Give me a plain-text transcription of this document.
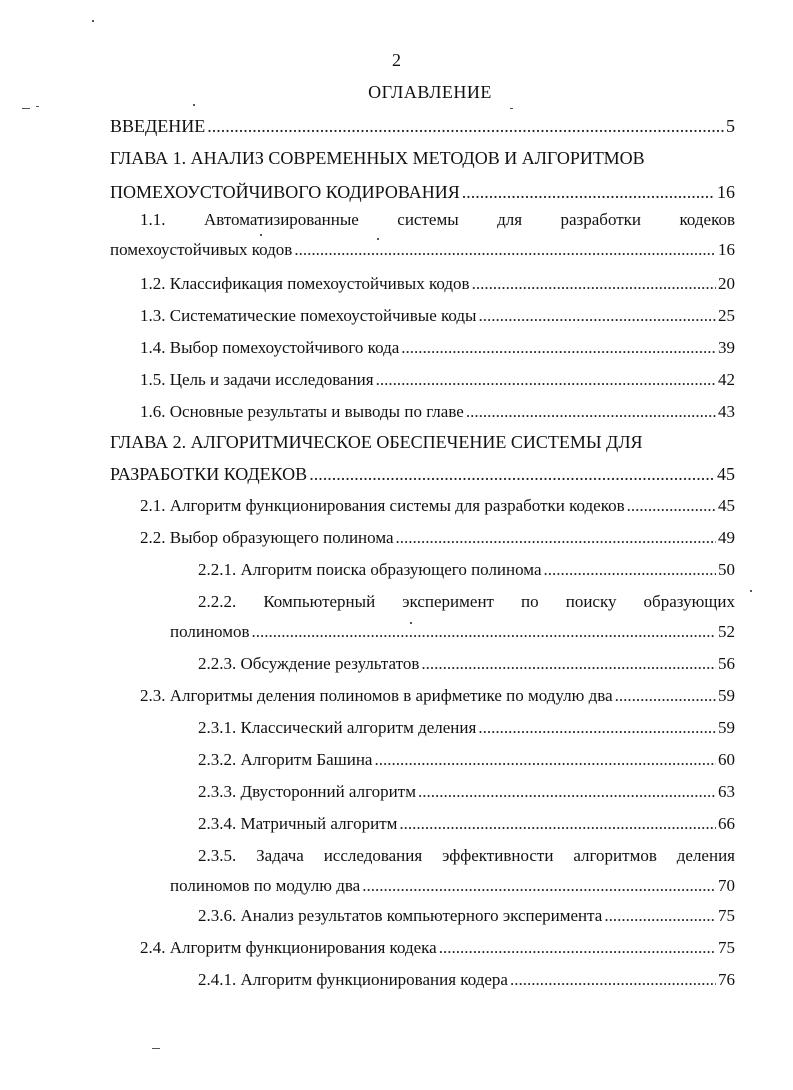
2
ОГЛАВЛЕНИЕ
ВВЕДЕНИЕ .....	5
ГЛАВА 1. АНАЛИЗ СОВРЕМЕННЫХ МЕТОДОВ И АЛГОРИТМОВ
ПОМЕХОУСТОЙЧИВОГО КОДИРОВАНИЯ .....	16
1.1. Автоматизированные системы для разработки кодеков
помехоустойчивых кодов .....	16
1.2. Классификация помехоустойчивых кодов .....	20
1.3. Систематические помехоустойчивые коды .....	25
1.4. Выбор помехоустойчивого кода .....	39
1.5. Цель и задачи исследования .....	42
1.6. Основные результаты и выводы по главе .....	43
ГЛАВА 2. АЛГОРИТМИЧЕСКОЕ ОБЕСПЕЧЕНИЕ СИСТЕМЫ ДЛЯ
РАЗРАБОТКИ КОДЕКОВ .....	45
2.1. Алгоритм функционирования системы для разработки кодеков .....	45
2.2. Выбор образующего полинома .....	49
2.2.1. Алгоритм поиска образующего полинома .....	50
2.2.2. Компьютерный эксперимент по поиску образующих
полиномов .....	52
2.2.3. Обсуждение результатов .....	56
2.3. Алгоритмы деления полиномов в арифметике по модулю два .....	59
2.3.1. Классический алгоритм деления .....	59
2.3.2. Алгоритм Башина .....	60
2.3.3. Двусторонний алгоритм .....	63
2.3.4. Матричный алгоритм .....	66
2.3.5. Задача исследования эффективности алгоритмов деления
полиномов по модулю два .....	70
2.3.6. Анализ результатов компьютерного эксперимента .....	75
2.4. Алгоритм функционирования кодека .....	75
2.4.1. Алгоритм функционирования кодера .....	76
